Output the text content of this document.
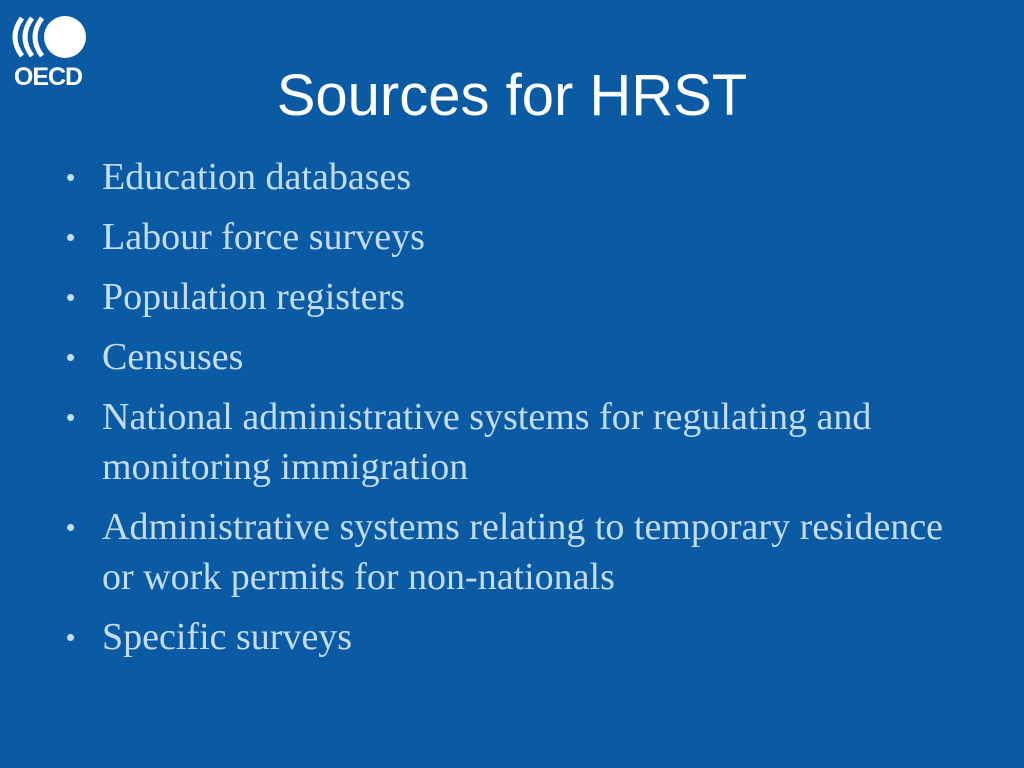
OECD	Sources for HRST
• Education databases
• Labour force surveys
• Population registers
• Censuses
• National administrative systems for regulating and monitoring immigration
• Administrative systems relating to temporary residence or work permits for non-nationals
• Specific surveys
